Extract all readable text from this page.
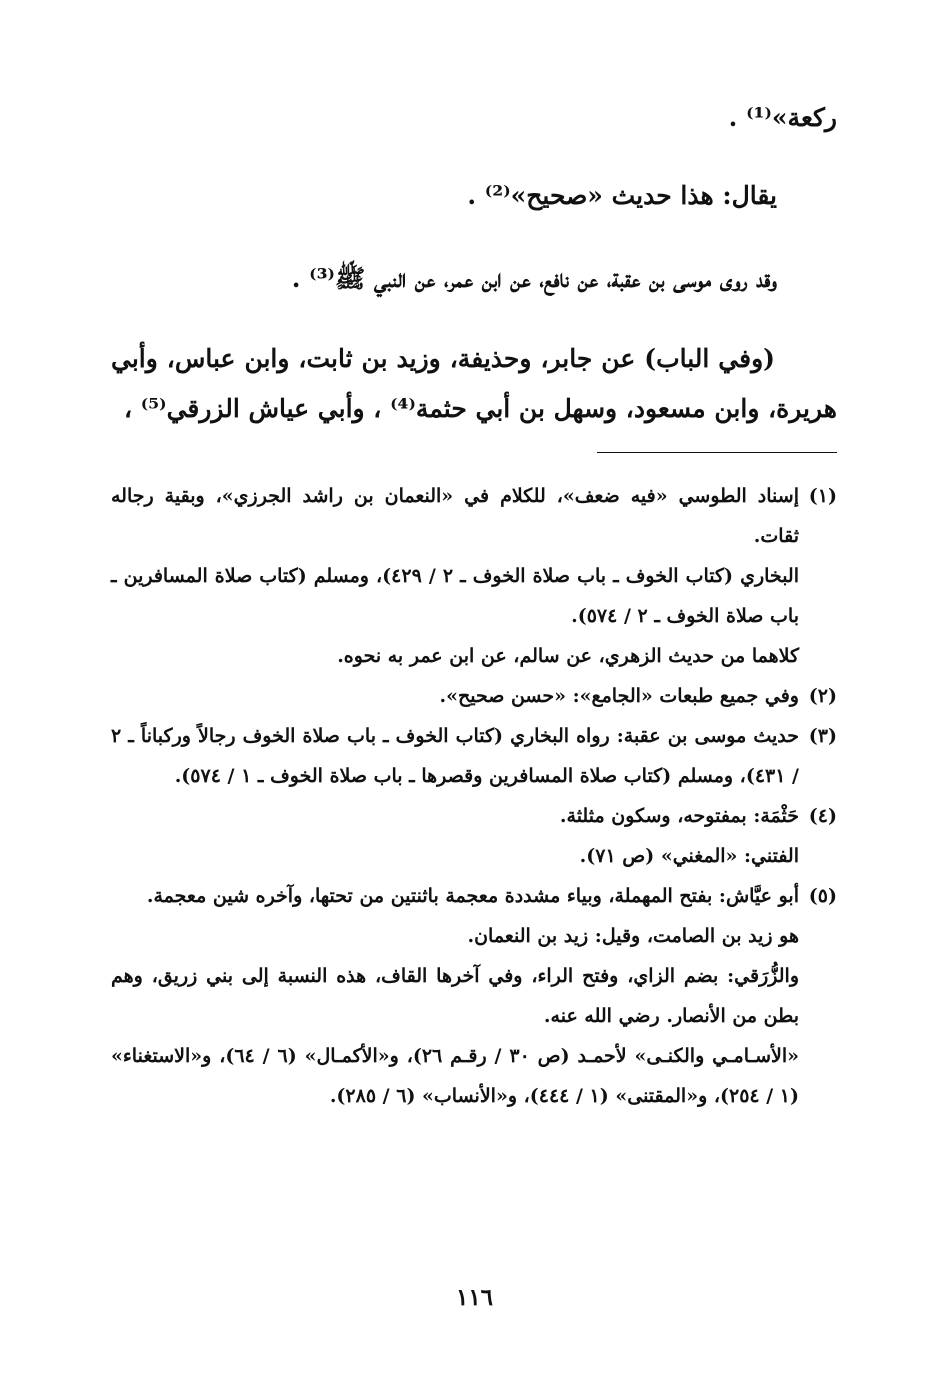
ركعة»⁽¹⁾ .
يقال: هذا حديث «صحيح»⁽²⁾ .
وقد روى موسى بن عقبة، عن نافع، عن ابن عمر، عن النبي ﷺ⁽³⁾ .
(وفي الباب) عن جابر، وحذيفة، وزيد بن ثابت، وابن عباس، وأبي هريرة، وابن مسعود، وسهل بن أبي حثمة⁽⁴⁾ ، وأبي عياش الزرقي⁽⁵⁾ ،
(١)
إسناد الطوسي «فيه ضعف»، للكلام في «النعمان بن راشد الجرزي»، وبقية رجاله ثقات.

البخاري (كتاب الخوف ـ باب صلاة الخوف ـ ٢ / ٤٢٩)، ومسلم (كتاب صلاة المسافرين ـ باب صلاة الخوف ـ ٢ / ٥٧٤).

كلاهما من حديث الزهري، عن سالم، عن ابن عمر به نحوه.

(٢)
وفي جميع طبعات «الجامع»: «حسن صحيح».
(٣)
حديث موسى بن عقبة: رواه البخاري (كتاب الخوف ـ باب صلاة الخوف رجالاً وركباناً ـ ٢ / ٤٣١)، ومسلم (كتاب صلاة المسافرين وقصرها ـ باب صلاة الخوف ـ ١ / ٥٧٤).
(٤)
حَثْمَة: بمفتوحه، وسكون مثلثة.

الفتني: «المغني» (ص ٧١).

(٥)
أبو عيَّاش: بفتح المهملة، وبياء مشددة معجمة باثنتين من تحتها، وآخره شين معجمة.

هو زيد بن الصامت، وقيل: زيد بن النعمان.

والزُّرَقي: بضم الزاي، وفتح الراء، وفي آخرها القاف، هذه النسبة إلى بني زريق، وهم بطن من الأنصار. رضي الله عنه.

«الأسـامـي والكنـى» لأحمـد (ص ٣٠ / رقـم ٢٦)، و«الأكمـال» (٦ / ٦٤)، و«الاستغناء» (١ / ٢٥٤)، و«المقتنى» (١ / ٤٤٤)، و«الأنساب» (٦ / ٢٨٥).

١١٦
